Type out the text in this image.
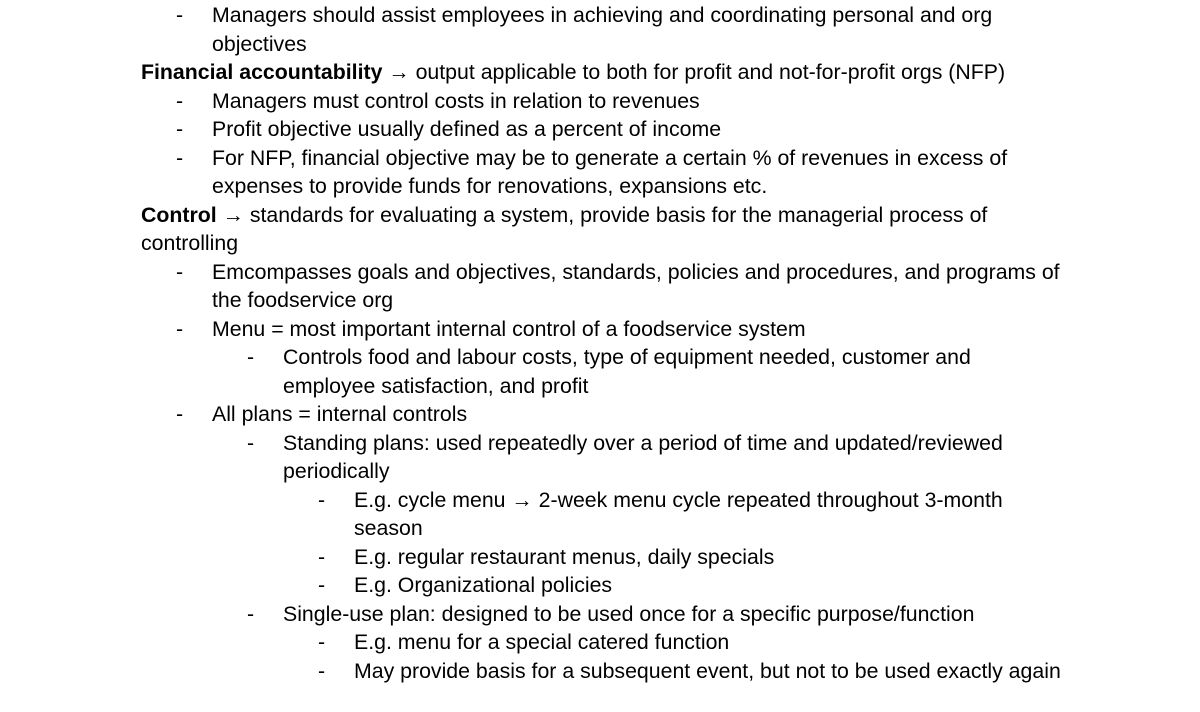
- Managers should assist employees in achieving and coordinating personal and org objectives

Financial accountability → output applicable to both for profit and not-for-profit orgs (NFP)

- Managers must control costs in relation to revenues
- Profit objective usually defined as a percent of income
- For NFP, financial objective may be to generate a certain % of revenues in excess of expenses to provide funds for renovations, expansions etc.

Control → standards for evaluating a system, provide basis for the managerial process of controlling

- Emcompasses goals and objectives, standards, policies and procedures, and programs of the foodservice org
- Menu = most important internal control of a foodservice system
- Controls food and labour costs, type of equipment needed, customer and employee satisfaction, and profit
- All plans = internal controls
- Standing plans: used repeatedly over a period of time and updated/reviewed periodically
- E.g. cycle menu → 2-week menu cycle repeated throughout 3-month season
- E.g. regular restaurant menus, daily specials
- E.g. Organizational policies
- Single-use plan: designed to be used once for a specific purpose/function
- E.g. menu for a special catered function
- May provide basis for a subsequent event, but not to be used exactly again
